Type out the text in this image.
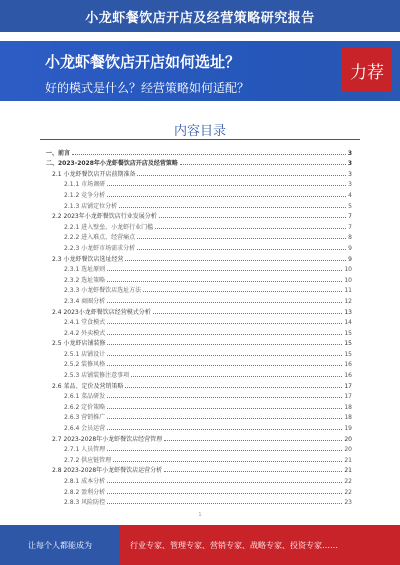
小龙虾餐饮店开店及经营策略研究报告
小龙虾餐饮店开店如何选址？
好的模式是什么？经营策略如何适配？
力荐
内容目录
一、前言	3
二、2023-2028年小龙虾餐饮店开店及经营策略	3
2.1 小龙虾餐饮店开店前期准备	3
2.1.1 市场调研	3
2.1.2 竞争分析	4
2.1.3 店铺定位分析	5
2.2 2023年小龙虾餐饮店行业发展分析	7
2.2.1 进入壁垒，小龙虾行业门槛	7
2.2.2 进入难点，经营痛点	8
2.2.3 小龙虾市场需求分析	9
2.3 小龙虾餐饮店选址经营	9
2.3.1 选址原则	10
2.3.2 选址策略	10
2.3.3 小龙虾餐饮店选址方法	11
2.3.4 商圈分析	12
2.4 2023小龙虾餐饮店经营模式分析	13
2.4.1 堂食模式	14
2.4.2 外卖模式	15
2.5 小龙虾店铺装修	15
2.5.1 店铺设计	15
2.5.2 装修风格	16
2.5.3 店铺装修注意事项	16
2.6 菜品、定价及营销策略	17
2.6.1 菜品研发	17
2.6.2 定价策略	18
2.6.3 营销推广	18
2.6.4 会员运营	19
2.7 2023-2028年小龙虾餐饮店经营管理	20
2.7.1 人员管理	20
2.7.2 供应链管理	21
2.8 2023-2028年小龙虾餐饮店运营分析	21
2.8.1 成本分析	22
2.8.2 盈利分析	22
2.8.3 风险防控	23
1
让每个人都能成为	行业专家、管理专家、营销专家、战略专家、投资专家……
